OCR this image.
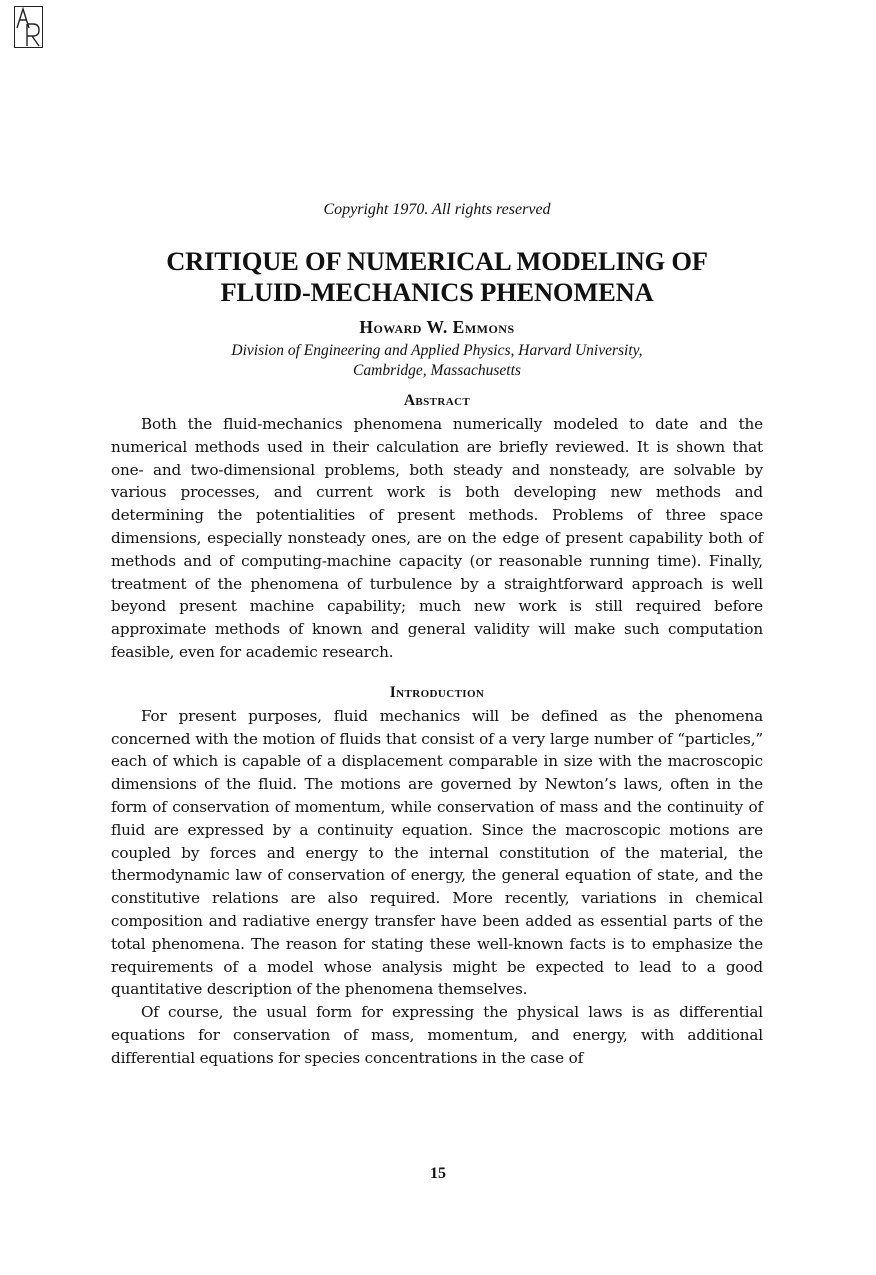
Copyright 1970. All rights reserved

CRITIQUE OF NUMERICAL MODELING OF
FLUID-MECHANICS PHENOMENA

Howard W. Emmons

Division of Engineering and Applied Physics, Harvard University,
Cambridge, Massachusetts

Abstract

Both the fluid-mechanics phenomena numerically modeled to date and the numerical methods used in their calculation are briefly reviewed. It is shown that one- and two-dimensional problems, both steady and nonsteady, are solvable by various processes, and current work is both developing new methods and determining the potentialities of present methods. Problems of three space dimensions, especially nonsteady ones, are on the edge of present capability both of methods and of computing-machine capacity (or reasonable running time). Finally, treatment of the phenomena of turbulence by a straightforward approach is well beyond present machine capability; much new work is still required before approximate methods of known and general validity will make such computation feasible, even for academic research.

Introduction

For present purposes, fluid mechanics will be defined as the phenomena concerned with the motion of fluids that consist of a very large number of “particles,” each of which is capable of a displacement comparable in size with the macroscopic dimensions of the fluid. The motions are governed by Newton’s laws, often in the form of conservation of momentum, while conservation of mass and the continuity of fluid are expressed by a continuity equation. Since the macroscopic motions are coupled by forces and energy to the internal constitution of the material, the thermodynamic law of conservation of energy, the general equation of state, and the constitutive relations are also required. More recently, variations in chemical composition and radiative energy transfer have been added as essential parts of the total phenomena. The reason for stating these well-known facts is to emphasize the requirements of a model whose analysis might be expected to lead to a good quantitative description of the phenomena themselves.

Of course, the usual form for expressing the physical laws is as differential equations for conservation of mass, momentum, and energy, with additional differential equations for species concentrations in the case of

15
